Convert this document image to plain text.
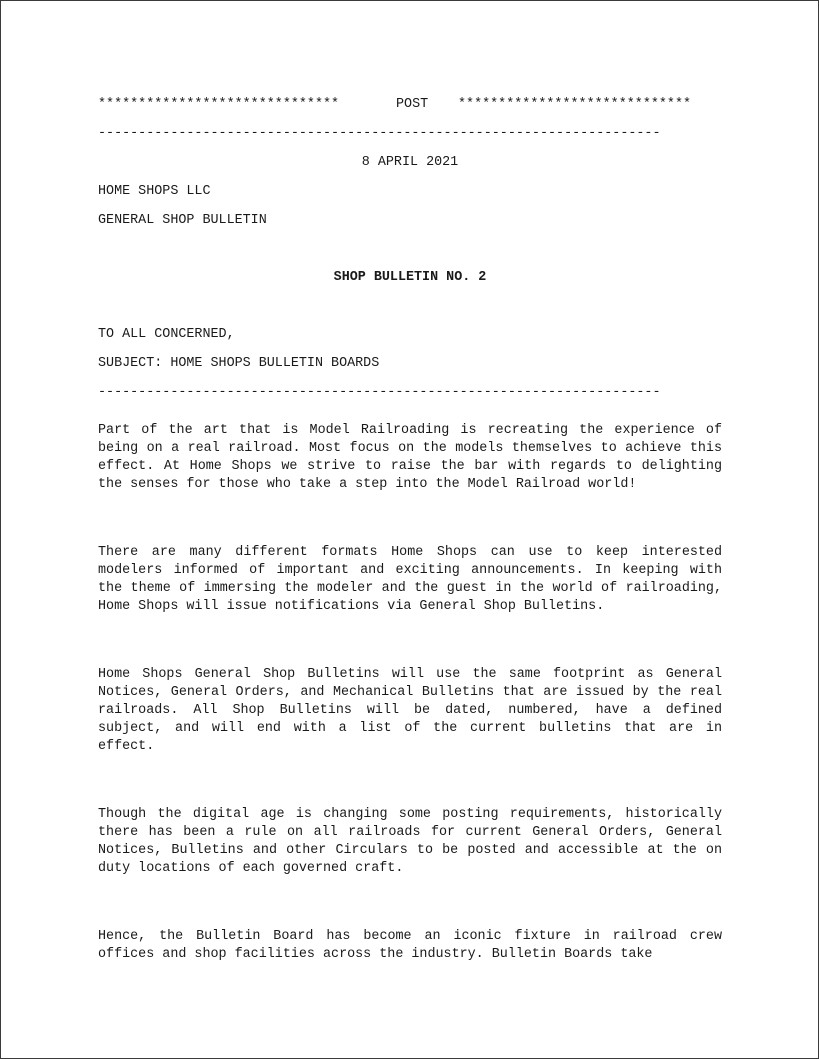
******************************

	POST

*****************************

----------------------------------------------------------------------
8 APRIL 2021
HOME SHOPS LLC
GENERAL SHOP BULLETIN
SHOP BULLETIN NO. 2
TO ALL CONCERNED,
SUBJECT: HOME SHOPS BULLETIN BOARDS
----------------------------------------------------------------------
Part of the art that is Model Railroading is recreating the experience of being on a real railroad. Most focus on the models themselves to achieve this effect. At Home Shops we strive to raise the bar with regards to delighting the senses for those who take a step into the Model Railroad world!
There are many different formats Home Shops can use to keep interested modelers informed of important and exciting announcements. In keeping with the theme of immersing the modeler and the guest in the world of railroading, Home Shops will issue notifications via General Shop Bulletins.
Home Shops General Shop Bulletins will use the same footprint as General Notices, General Orders, and Mechanical Bulletins that are issued by the real railroads. All Shop Bulletins will be dated, numbered, have a defined subject, and will end with a list of the current bulletins that are in effect.
Though the digital age is changing some posting requirements, historically there has been a rule on all railroads for current General Orders, General Notices, Bulletins and other Circulars to be posted and accessible at the on duty locations of each governed craft.
Hence, the Bulletin Board has become an iconic fixture in railroad crew offices and shop facilities across the industry. Bulletin Boards take
